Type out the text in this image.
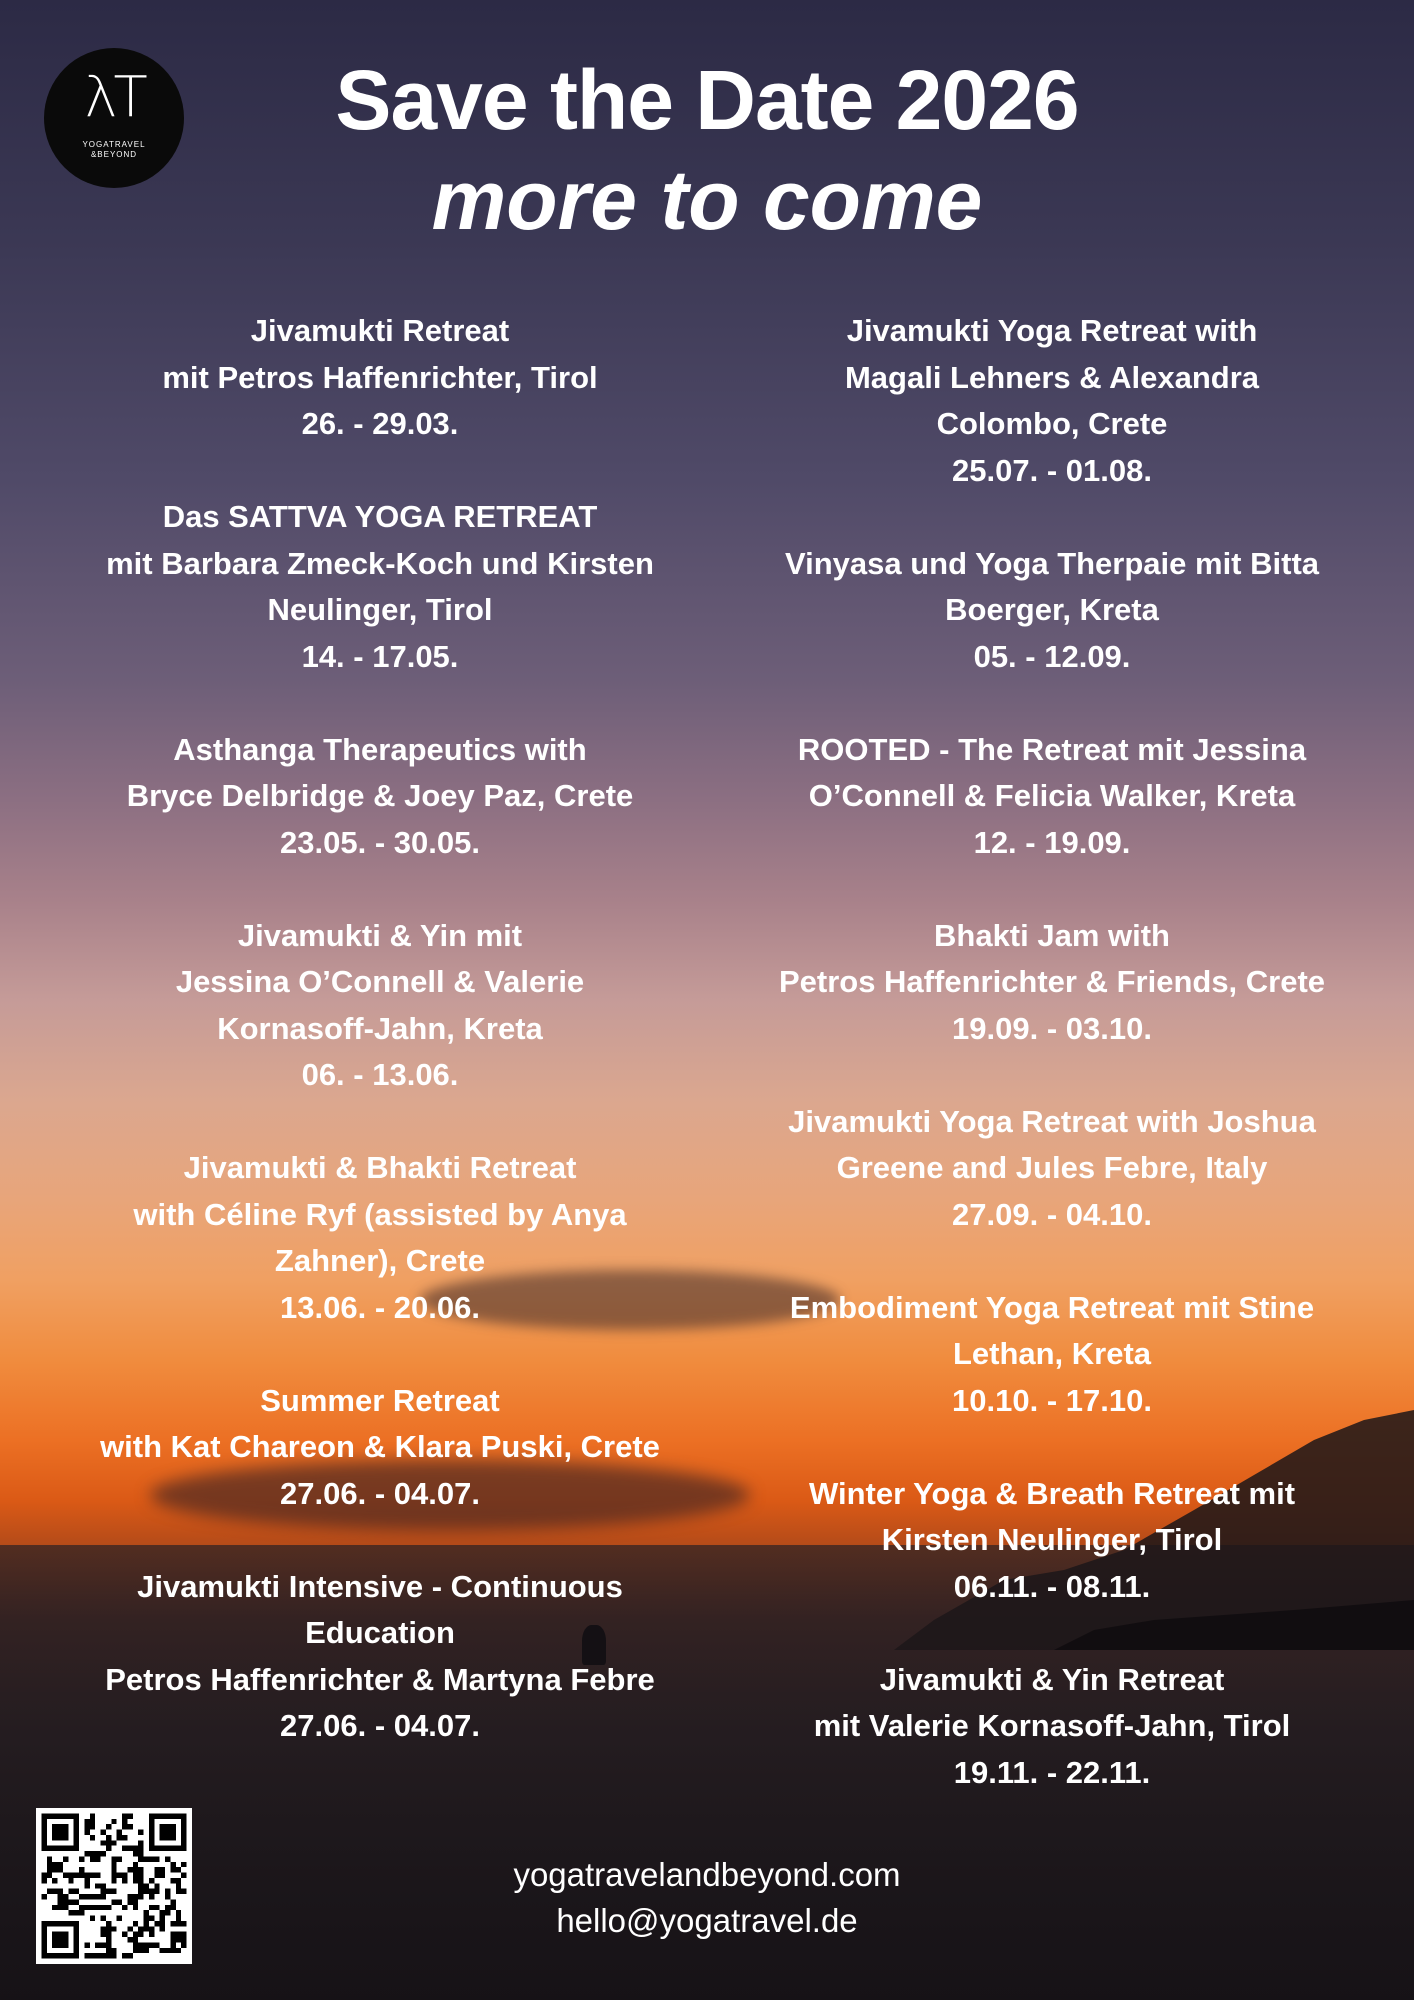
λT
YOGATRAVEL
&BEYOND
Save the Date 2026
more to come
Jivamukti Retreat
mit Petros Haffenrichter, Tirol
26. - 29.03.
Das SATTVA YOGA RETREAT
mit Barbara Zmeck-Koch und Kirsten
Neulinger, Tirol
14. - 17.05.
Asthanga Therapeutics with
Bryce Delbridge & Joey Paz, Crete
23.05. - 30.05.
Jivamukti & Yin mit
Jessina O’Connell & Valerie
Kornasoff-Jahn, Kreta
06. - 13.06.
Jivamukti & Bhakti Retreat
with Céline Ryf (assisted by Anya
Zahner), Crete
13.06. - 20.06.
Summer Retreat
with Kat Chareon & Klara Puski, Crete
27.06. - 04.07.
Jivamukti Intensive - Continuous
Education
Petros Haffenrichter & Martyna Febre
27.06. - 04.07.
Jivamukti Yoga Retreat with
Magali Lehners & Alexandra
Colombo, Crete
25.07. - 01.08.
Vinyasa und Yoga Therpaie mit Bitta
Boerger, Kreta
05. - 12.09.
ROOTED - The Retreat mit Jessina
O’Connell & Felicia Walker, Kreta
12. - 19.09.
Bhakti Jam with
Petros Haffenrichter & Friends, Crete
19.09. - 03.10.
Jivamukti Yoga Retreat with Joshua
Greene and Jules Febre, Italy
27.09. - 04.10.
Embodiment Yoga Retreat mit Stine
Lethan, Kreta
10.10. - 17.10.
Winter Yoga & Breath Retreat mit
Kirsten Neulinger, Tirol
06.11. - 08.11.
Jivamukti & Yin Retreat
mit Valerie Kornasoff-Jahn, Tirol
19.11. - 22.11.
yogatravelandbeyond.com
hello@yogatravel.de
